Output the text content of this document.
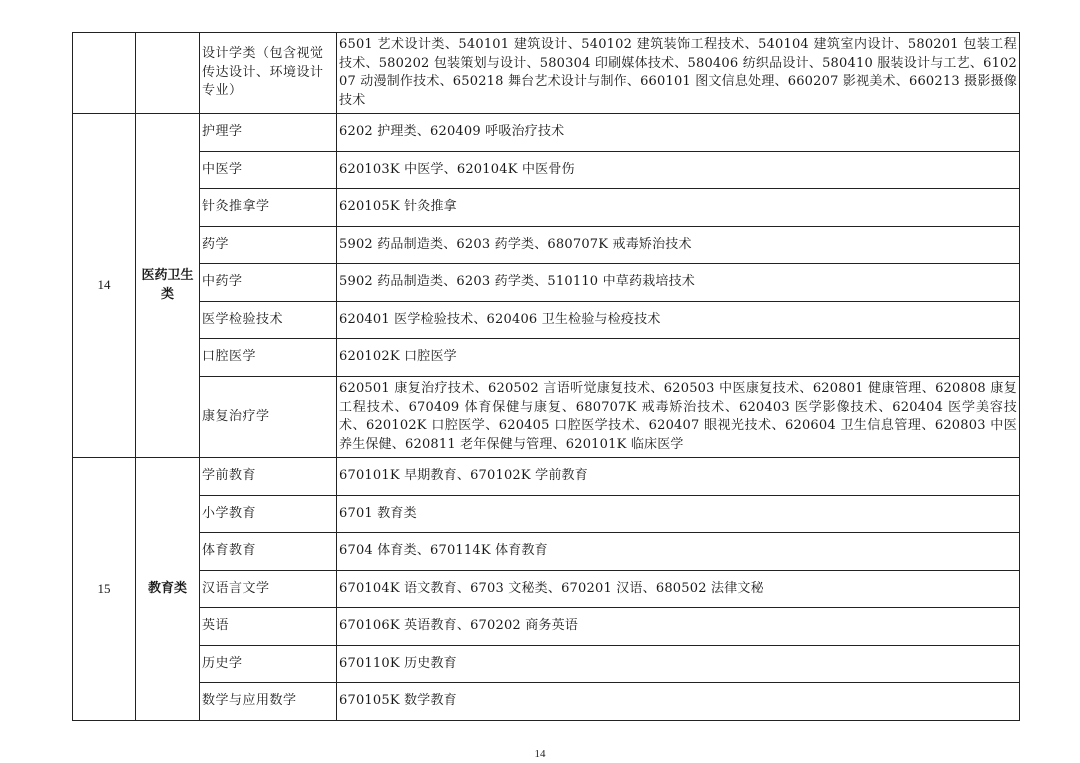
		设计学类（包含视觉传达设计、环境设计专业）	6501 艺术设计类、540101 建筑设计、540102 建筑装饰工程技术、540104 建筑室内设计、580201 包装工程技术、580202 包装策划与设计、580304 印刷媒体技术、580406 纺织品设计、580410 服装设计与工艺、610207 动漫制作技术、650218 舞台艺术设计与制作、660101 图文信息处理、660207 影视美术、660213 摄影摄像技术
14	医药卫生类	护理学	6202 护理类、620409 呼吸治疗技术
		中医学	620103K 中医学、620104K 中医骨伤
		针灸推拿学	620105K 针灸推拿
		药学	5902 药品制造类、6203 药学类、680707K 戒毒矫治技术
		中药学	5902 药品制造类、6203 药学类、510110 中草药栽培技术
		医学检验技术	620401 医学检验技术、620406 卫生检验与检疫技术
		口腔医学	620102K 口腔医学
		康复治疗学	620501 康复治疗技术、620502 言语听觉康复技术、620503 中医康复技术、620801 健康管理、620808 康复工程技术、670409 体育保健与康复、680707K 戒毒矫治技术、620403 医学影像技术、620404 医学美容技术、620102K 口腔医学、620405 口腔医学技术、620407 眼视光技术、620604 卫生信息管理、620803 中医养生保健、620811 老年保健与管理、620101K 临床医学
15	教育类	学前教育	670101K 早期教育、670102K 学前教育
		小学教育	6701 教育类
		体育教育	6704 体育类、670114K 体育教育
		汉语言文学	670104K 语文教育、6703 文秘类、670201 汉语、680502 法律文秘
		英语	670106K 英语教育、670202 商务英语
		历史学	670110K 历史教育
		数学与应用数学	670105K 数学教育
14
